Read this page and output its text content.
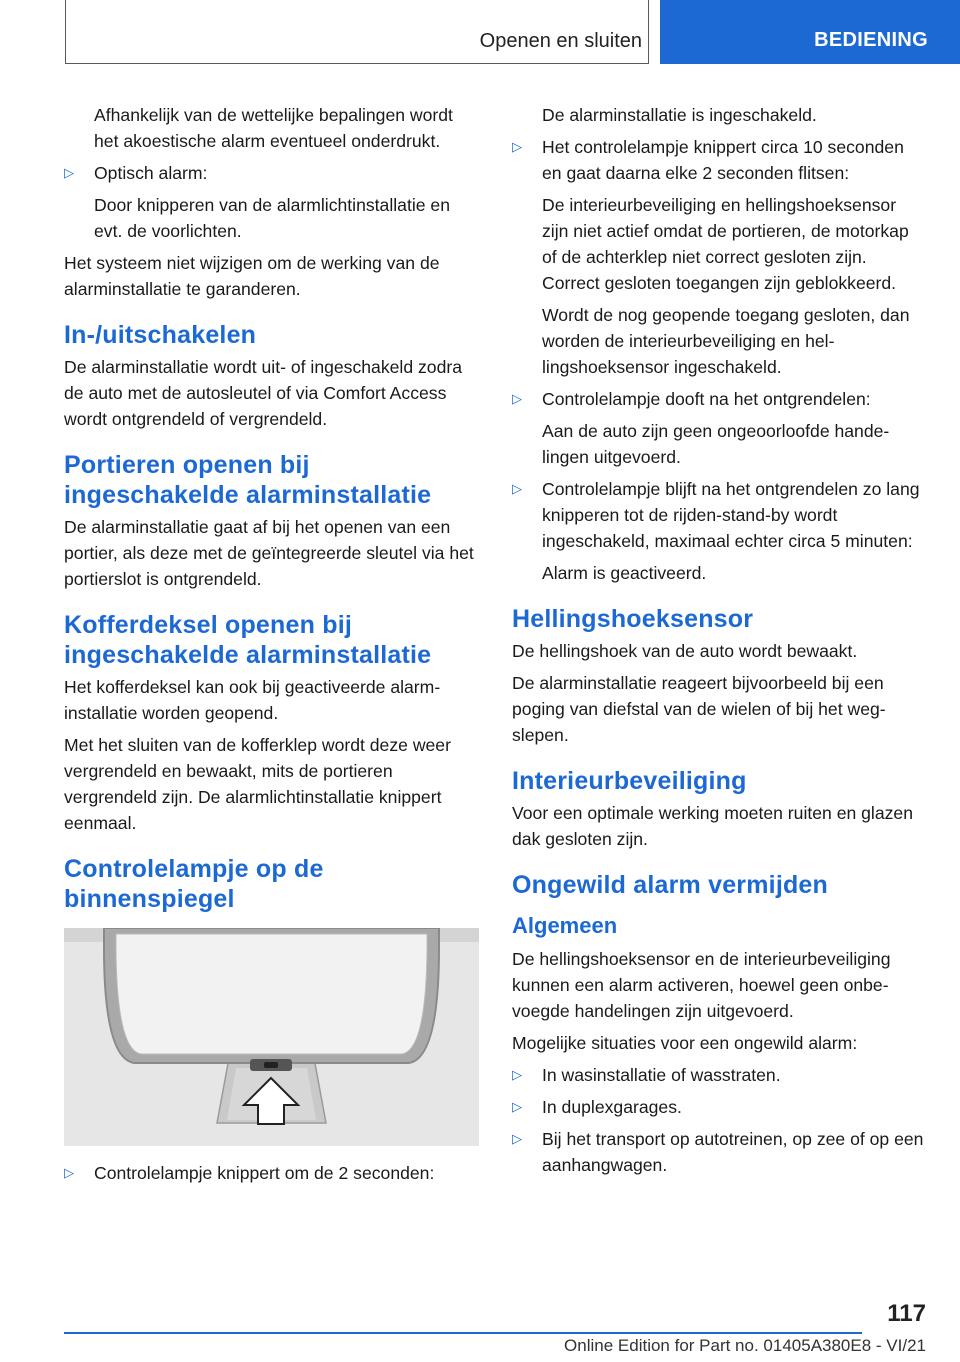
Openen en sluiten	BEDIENING
Afhankelijk van de wettelijke bepalingen wordt het akoestische alarm eventueel onderdrukt.
▷ Optisch alarm:
Door knipperen van de alarmlichtinstallatie en evt. de voorlichten.
Het systeem niet wijzigen om de werking van de alarminstallatie te garanderen.
In-/uitschakelen
De alarminstallatie wordt uit- of ingeschakeld zodra de auto met de autosleutel of via Comfort Access wordt ontgrendeld of vergrendeld.
Portieren openen bij ingeschakelde alarminstallatie
De alarminstallatie gaat af bij het openen van een portier, als deze met de geïntegreerde sleutel via het portierslot is ontgrendeld.
Kofferdeksel openen bij ingeschakelde alarminstallatie
Het kofferdeksel kan ook bij geactiveerde alarminstallatie worden geopend.
Met het sluiten van de kofferklep wordt deze weer vergrendeld en bewaakt, mits de portieren vergrendeld zijn. De alarmlichtinstallatie knippert eenmaal.
Controlelampje op de binnenspiegel
▷ Controlelampje knippert om de 2 seconden:
De alarminstallatie is ingeschakeld.
▷ Het controlelampje knippert circa 10 seconden en gaat daarna elke 2 seconden flitsen:
De interieurbeveiliging en hellingshoeksensor zijn niet actief omdat de portieren, de motorkap of de achterklep niet correct gesloten zijn. Correct gesloten toegangen zijn geblokkeerd.
Wordt de nog geopende toegang gesloten, dan worden de interieurbeveiliging en hellingshoeksensor ingeschakeld.
▷ Controlelampje dooft na het ontgrendelen:
Aan de auto zijn geen ongeoorloofde handelingen uitgevoerd.
▷ Controlelampje blijft na het ontgrendelen zo lang knipperen tot de rijden-stand-by wordt ingeschakeld, maximaal echter circa 5 minuten:
Alarm is geactiveerd.
Hellingshoeksensor
De hellingshoek van de auto wordt bewaakt.
De alarminstallatie reageert bijvoorbeeld bij een poging van diefstal van de wielen of bij het wegslepen.
Interieurbeveiliging
Voor een optimale werking moeten ruiten en glazen dak gesloten zijn.
Ongewild alarm vermijden
Algemeen
De hellingshoeksensor en de interieurbeveiliging kunnen een alarm activeren, hoewel geen onbevoegde handelingen zijn uitgevoerd.
Mogelijke situaties voor een ongewild alarm:
▷ In wasinstallatie of wasstraten.
▷ In duplexgarages.
▷ Bij het transport op autotreinen, op zee of op een aanhangwagen.
117
Online Edition for Part no. 01405A380E8 - VI/21
